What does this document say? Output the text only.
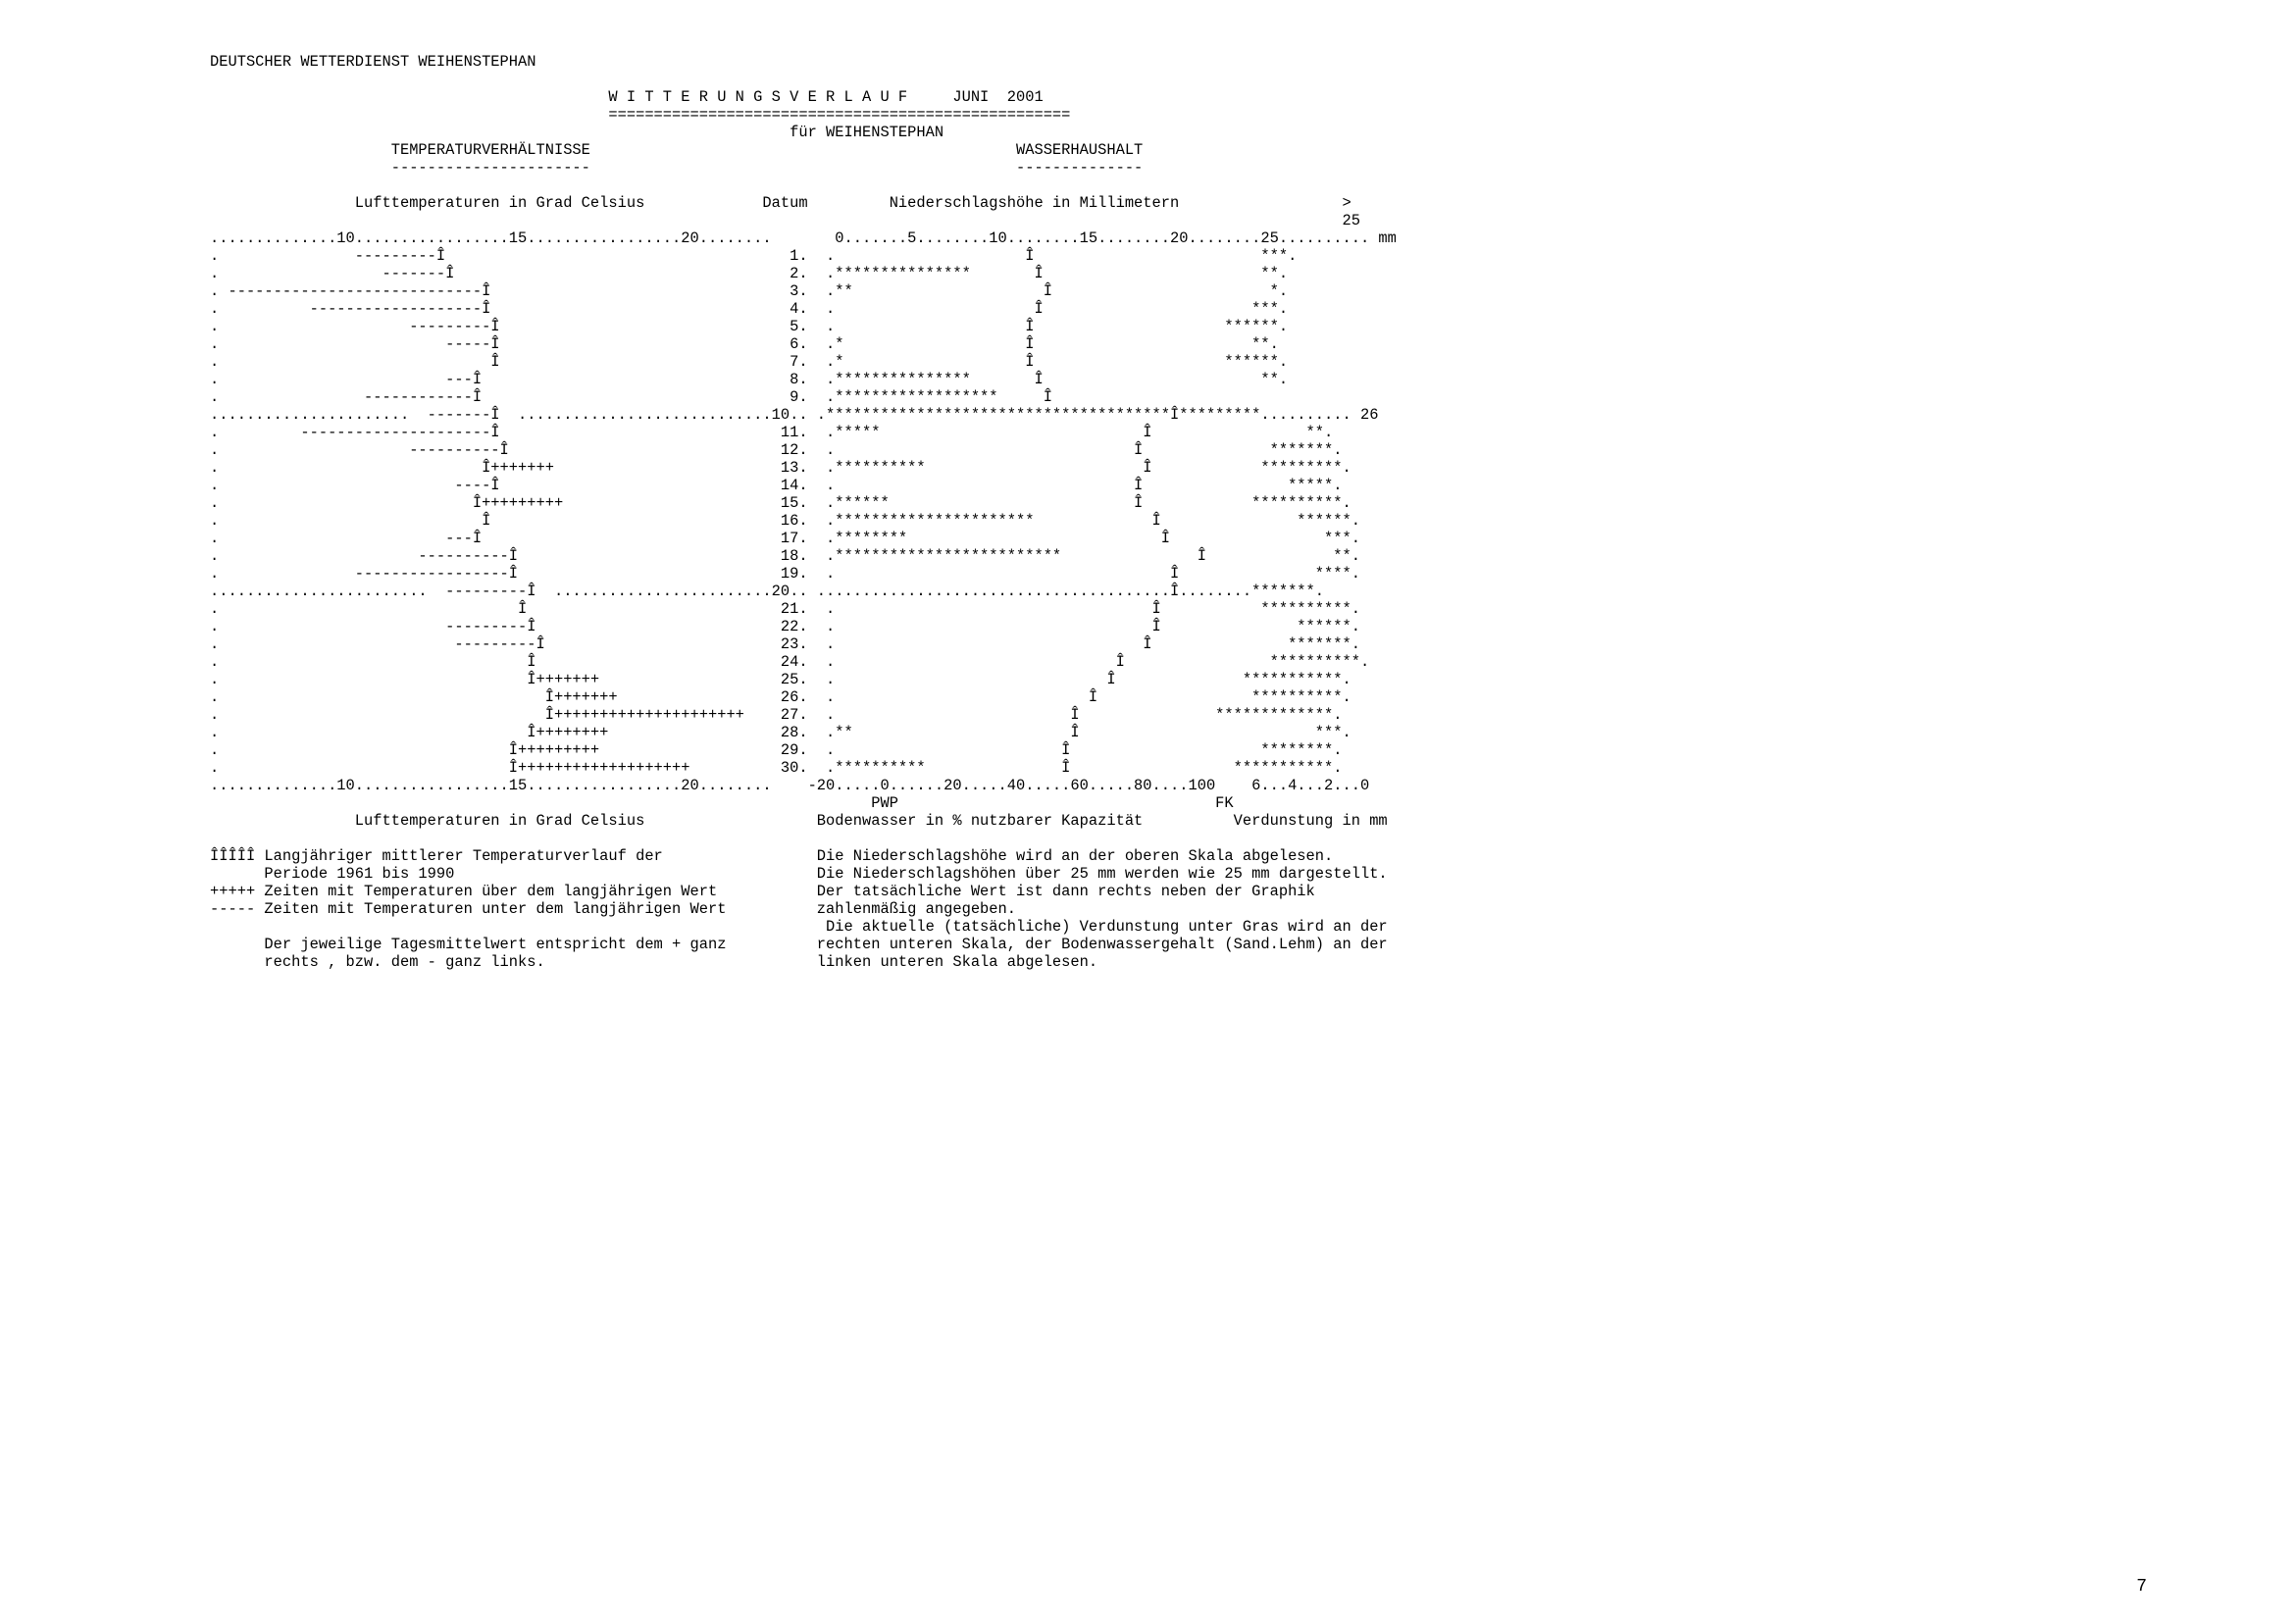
DEUTSCHER WETTERDIENST WEIHENSTEPHAN
W I T T E R U N G S V E R L A U F     JUNI  2001
===================================================
für WEIHENSTEPHAN
TEMPERATURVERHÄLTNISSE                                               WASSERHAUSHALT
----------------------                                               --------------
Lufttemperaturen in Grad Celsius             Datum         Niederschlagshöhe in Millimetern                  >
25
..............10.................15.................20........       0.......5........10........15........20........25.......... mm
.               ---------Î                                      1.  .                     Î                         ***.
.                  -------Î                                     2.  .***************       Î                        **.
. ----------------------------Î                                 3.  .**                     Î                        *.
.          -------------------Î                                 4.  .                      Î                       ***.
.                     ---------Î                                5.  .                     Î                     ******.
.                         -----Î                                6.  .*                    Î                        **.
.                              Î                                7.  .*                    Î                     ******.
.                         ---Î                                  8.  .***************       Î                        **.
.                ------------Î                                  9.  .******************     Î
......................  -------Î  ............................10.. .**************************************Î*********.......... 26
.         ---------------------Î                               11.  .*****                             Î                 **.
.                     ----------Î                              12.  .                                 Î              *******.
.                             Î+++++++                         13.  .**********                        Î            *********.
.                          ----Î                               14.  .                                 Î                *****.
.                            Î+++++++++                        15.  .******                           Î            **********.
.                             Î                                16.  .**********************             Î               ******.
.                         ---Î                                 17.  .********                            Î                 ***.
.                      ----------Î                             18.  .*************************               Î              **.
.               -----------------Î                             19.  .                                     Î               ****.
........................  ---------Î  ........................20.. .......................................Î........*******.
.                                 Î                            21.  .                                   Î           **********.
.                         ---------Î                           22.  .                                   Î               ******.
.                          ---------Î                          23.  .                                  Î               *******.
.                                  Î                           24.  .                               Î                **********.
.                                  Î+++++++                    25.  .                              Î              ***********.
.                                    Î+++++++                  26.  .                            Î                 **********.
.                                    Î+++++++++++++++++++++    27.  .                          Î               *************.
.                                  Î++++++++                   28.  .**                        Î                          ***.
.                                Î+++++++++                    29.  .                         Î                     ********.
.                                Î+++++++++++++++++++          30.  .**********               Î                  ***********.
..............10.................15.................20........    -20.....0......20.....40.....60.....80....100    6...4...2...0
PWP                                   FK
Lufttemperaturen in Grad Celsius                   Bodenwasser in % nutzbarer Kapazität          Verdunstung in mm
ÎÎÎÎÎ Langjähriger mittlerer Temperaturverlauf der                 Die Niederschlagshöhe wird an der oberen Skala abgelesen.
Periode 1961 bis 1990                                        Die Niederschlagshöhen über 25 mm werden wie 25 mm dargestellt.
+++++ Zeiten mit Temperaturen über dem langjährigen Wert           Der tatsächliche Wert ist dann rechts neben der Graphik
----- Zeiten mit Temperaturen unter dem langjährigen Wert          zahlenmäßig angegeben.
Die aktuelle (tatsächliche) Verdunstung unter Gras wird an der
Der jeweilige Tagesmittelwert entspricht dem + ganz          rechten unteren Skala, der Bodenwassergehalt (Sand.Lehm) an der
rechts , bzw. dem - ganz links.                              linken unteren Skala abgelesen.
7
